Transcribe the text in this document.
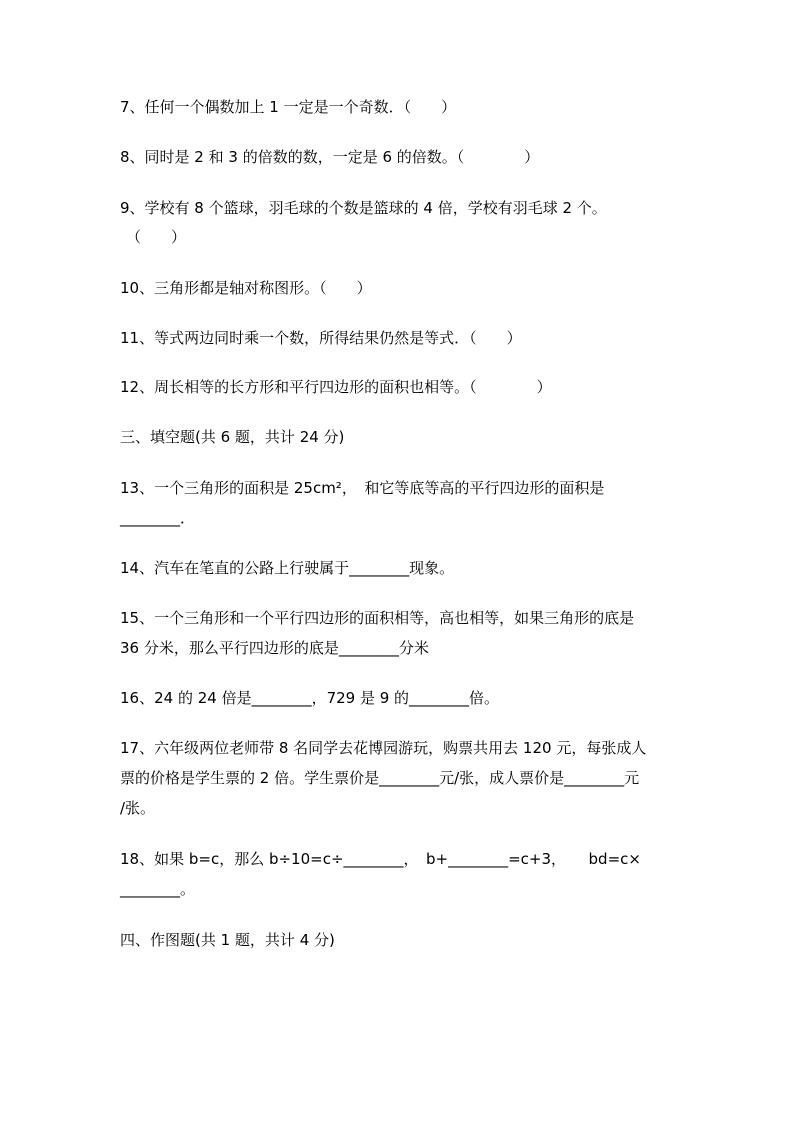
7、任何一个偶数加上 1 一定是一个奇数．（　　）
8、同时是 2 和 3 的倍数的数，一定是 6 的倍数。（　　　　）
9、学校有 8 个篮球，羽毛球的个数是篮球的 4 倍，学校有羽毛球 2 个。
（　　）
10、三角形都是轴对称图形。（　　）
11、等式两边同时乘一个数，所得结果仍然是等式．（　　）
12、周长相等的长方形和平行四边形的面积也相等。（　　　　）
三、填空题(共 6 题，共计 24 分)
13、一个三角形的面积是 25cm²，　和它等底等高的平行四边形的面积是
________．
14、汽车在笔直的公路上行驶属于________现象。
15、一个三角形和一个平行四边形的面积相等，高也相等，如果三角形的底是
36 分米，那么平行四边形的底是________分米
16、24 的 24 倍是________，729 是 9 的________倍。
17、六年级两位老师带 8 名同学去花博园游玩，购票共用去 120 元，每张成人
票的价格是学生票的 2 倍。学生票价是________元/张，成人票价是________元
/张。
18、如果 b=c，那么 b÷10=c÷________，　b+________=c+3，　　bd=c×
________。
四、作图题(共 1 题，共计 4 分)
